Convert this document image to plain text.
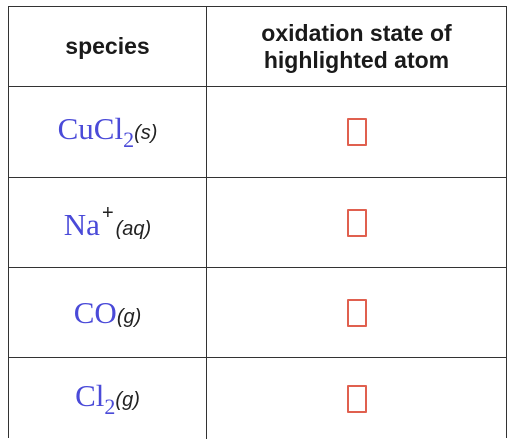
species
oxidation state of
highlighted atom
CuCl$_2$(s)
Na +(aq)
CO(g)
$Cl_2(g)$
